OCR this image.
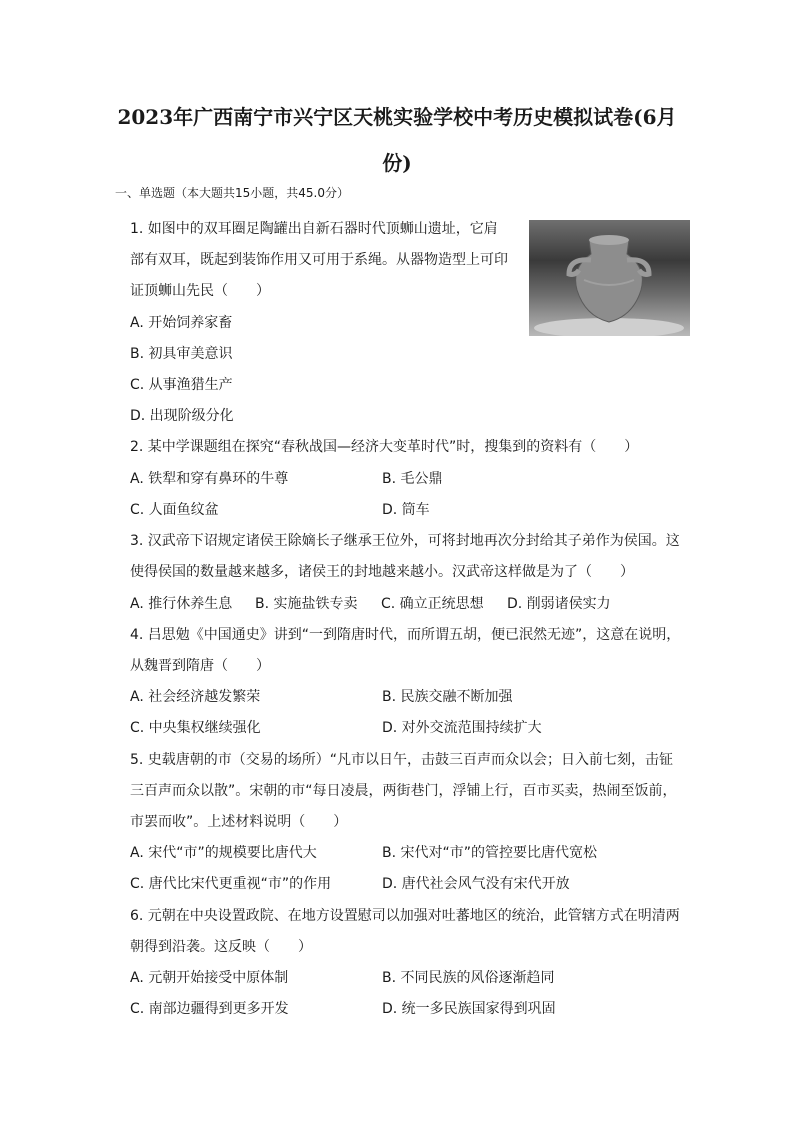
2023年广西南宁市兴宁区天桃实验学校中考历史模拟试卷(6月
份)
一、单选题（本大题共15小题，共45.0分）
1. 如图中的双耳圈足陶罐出自新石器时代顶蛳山遗址，它肩
部有双耳，既起到装饰作用又可用于系绳。从器物造型上可印
证顶蛳山先民（　　）
A. 开始饲养家畜
B. 初具审美意识
C. 从事渔猎生产
D. 出现阶级分化
2. 某中学课题组在探究“春秋战国—经济大变革时代”时，搜集到的资料有（　　）
A. 铁犁和穿有鼻环的牛尊	B. 毛公鼎
C. 人面鱼纹盆	D. 筒车
3. 汉武帝下诏规定诸侯王除嫡长子继承王位外，可将封地再次分封给其子弟作为侯国。这
使得侯国的数量越来越多，诸侯王的封地越来越小。汉武帝这样做是为了（　　）
A. 推行休养生息 B. 实施盐铁专卖 C. 确立正统思想 D. 削弱诸侯实力
4. 吕思勉《中国通史》讲到“一到隋唐时代，而所谓五胡，便已泯然无迹”，这意在说明，
从魏晋到隋唐（　　）
A. 社会经济越发繁荣	B. 民族交融不断加强
C. 中央集权继续强化	D. 对外交流范围持续扩大
5. 史载唐朝的市（交易的场所）“凡市以日午，击鼓三百声而众以会；日入前七刻，击钲
三百声而众以散”。宋朝的市“每日凌晨，两街巷门，浮铺上行，百市买卖，热闹至饭前，
市罢而收”。上述材料说明（　　）
A. 宋代“市”的规模要比唐代大	B. 宋代对“市”的管控要比唐代宽松
C. 唐代比宋代更重视“市”的作用	D. 唐代社会风气没有宋代开放
6. 元朝在中央设置政院、在地方设置慰司以加强对吐蕃地区的统治，此管辖方式在明清两
朝得到沿袭。这反映（　　）
A. 元朝开始接受中原体制	B. 不同民族的风俗逐渐趋同
C. 南部边疆得到更多开发	D. 统一多民族国家得到巩固
